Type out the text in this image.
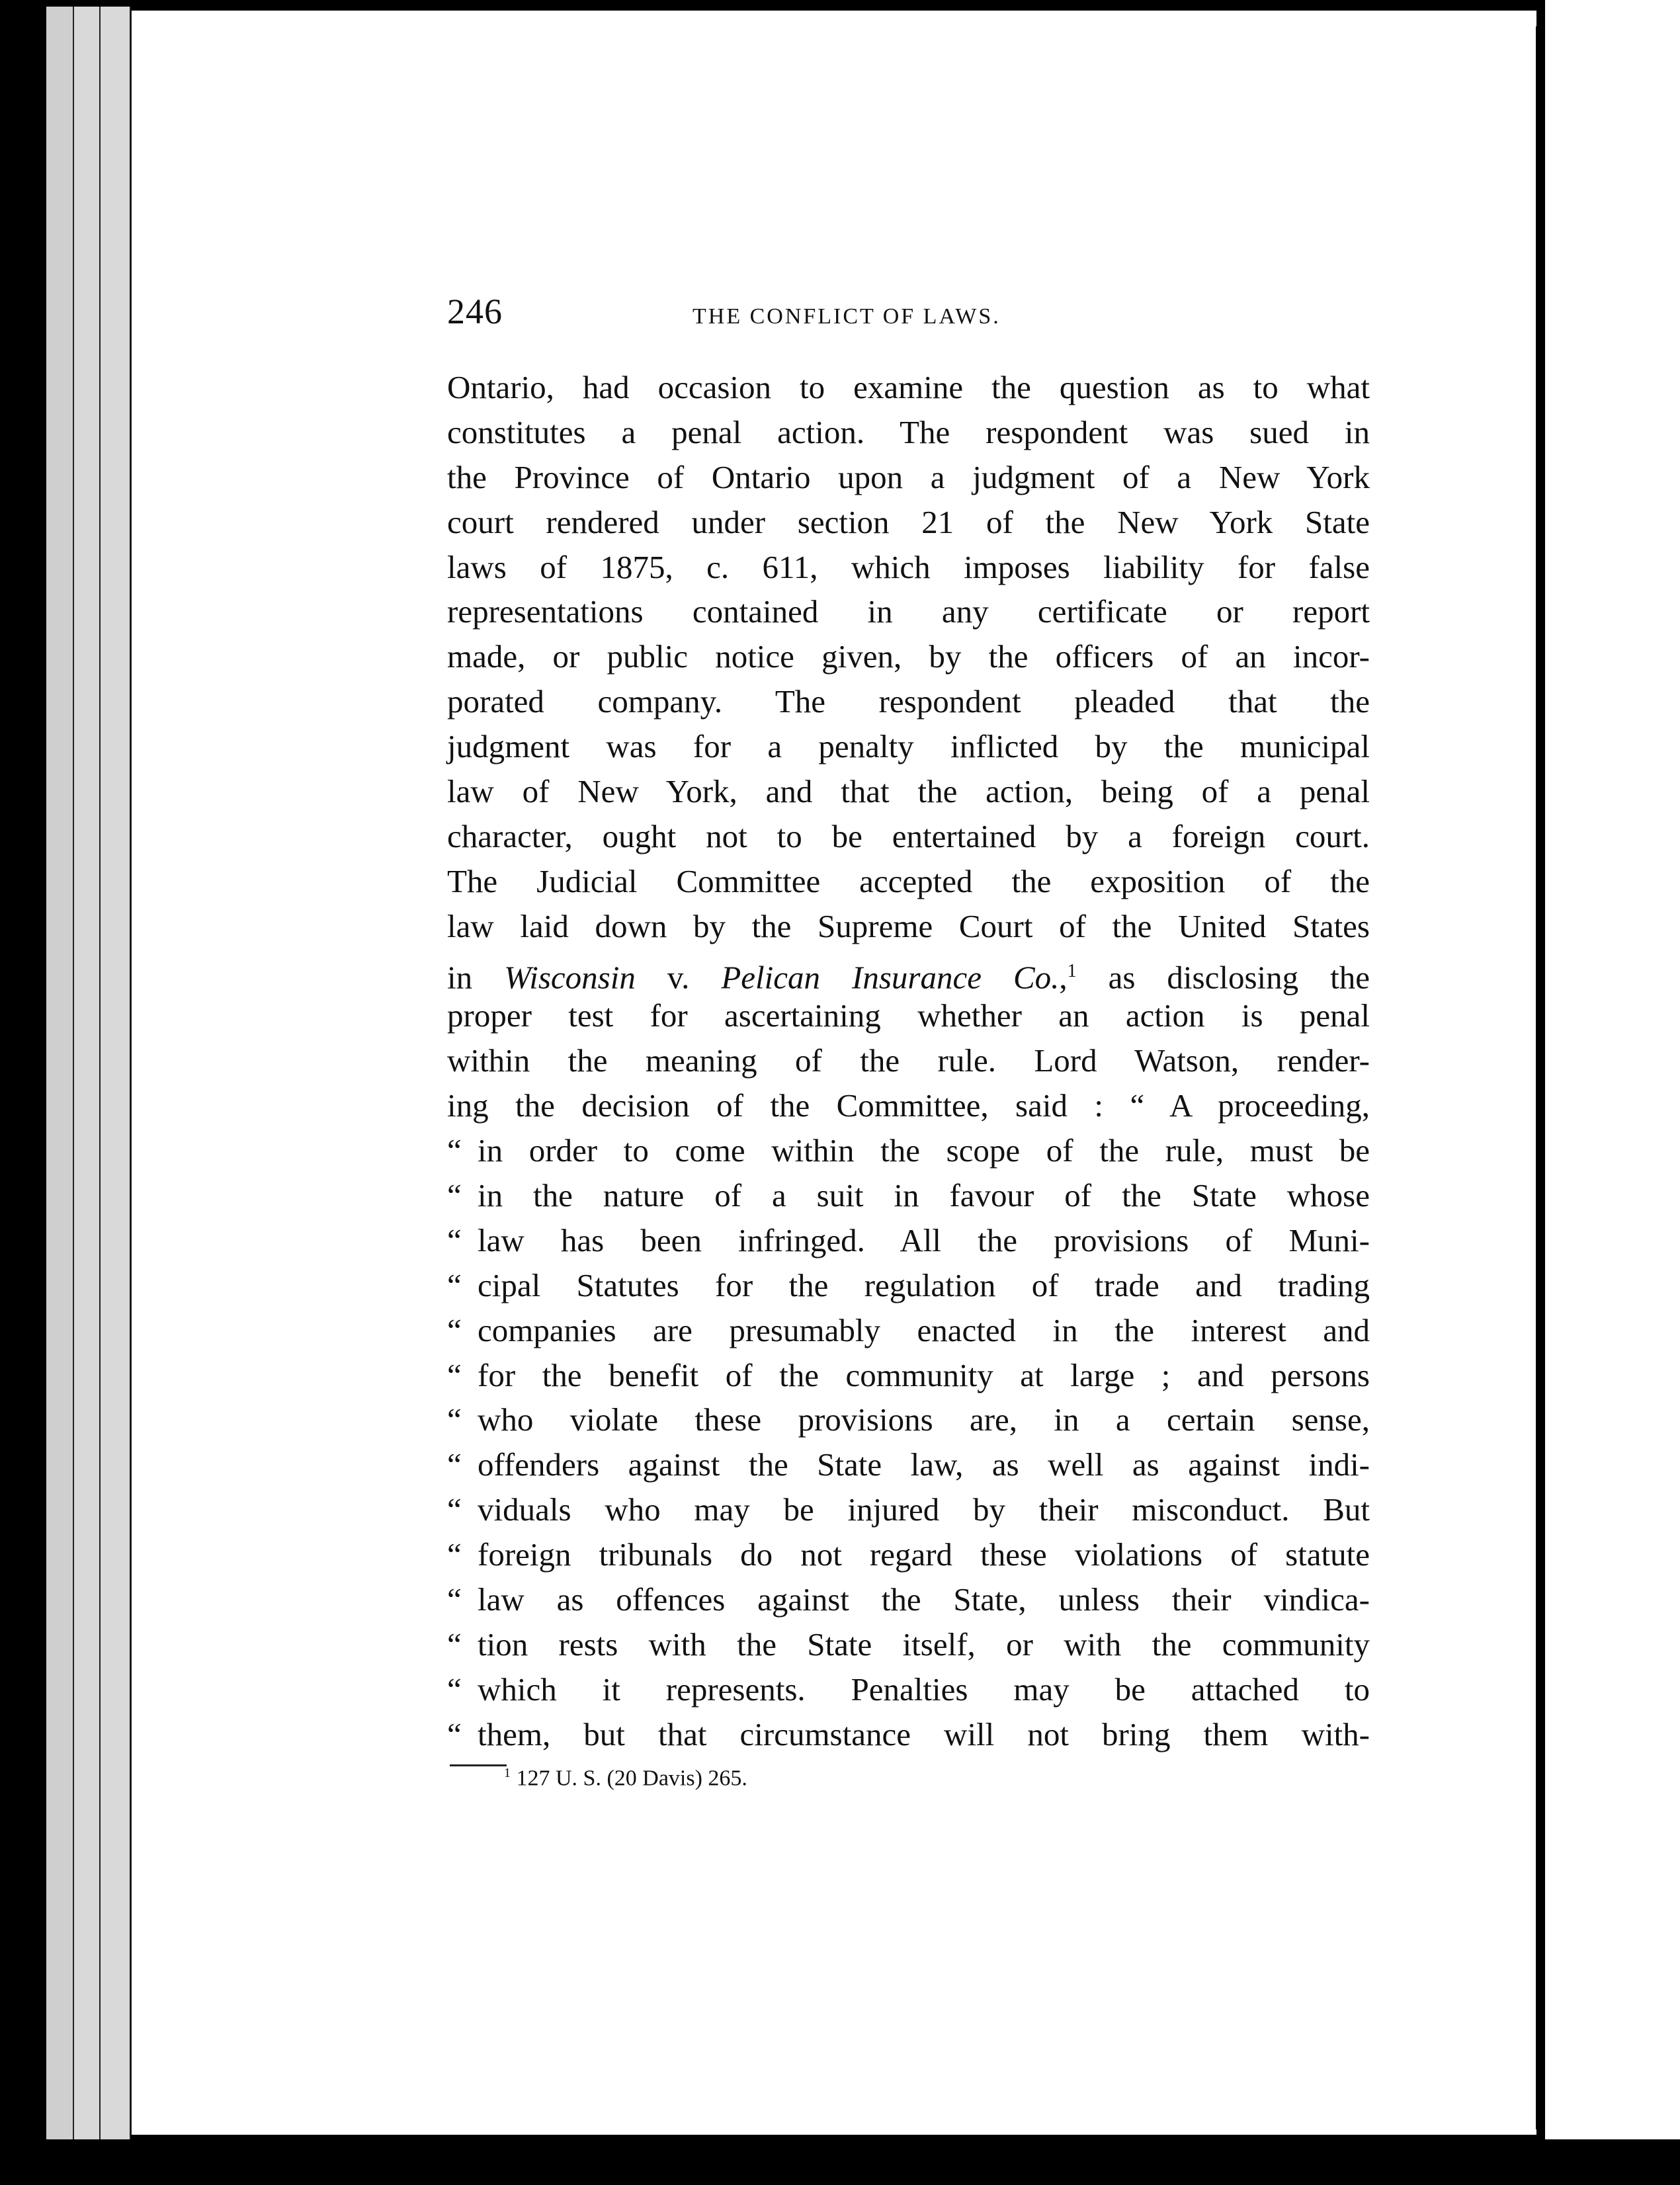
246	THE CONFLICT OF LAWS.
Ontario, had occasion to examine the question as to what
constitutes a penal action. The respondent was sued in
the Province of Ontario upon a judgment of a New York
court rendered under section 21 of the New York State
laws of 1875, c. 611, which imposes liability for false
representations contained in any certificate or report
made, or public notice given, by the officers of an incor-
porated company. The respondent pleaded that the
judgment was for a penalty inflicted by the municipal
law of New York, and that the action, being of a penal
character, ought not to be entertained by a foreign court.
The Judicial Committee accepted the exposition of the
law laid down by the Supreme Court of the United States
in Wisconsin v. Pelican Insurance Co.,$^1$ as disclosing the
proper test for ascertaining whether an action is penal
within the meaning of the rule. Lord Watson, render-
ing the decision of the Committee, said : “ A proceeding,
“ in order to come within the scope of the rule, must be
“ in the nature of a suit in favour of the State whose
“ law has been infringed. All the provisions of Muni-
“ cipal Statutes for the regulation of trade and trading
“ companies are presumably enacted in the interest and
“ for the benefit of the community at large ; and persons
“ who violate these provisions are, in a certain sense,
“ offenders against the State law, as well as against indi-
“ viduals who may be injured by their misconduct. But
“ foreign tribunals do not regard these violations of statute
“ law as offences against the State, unless their vindica-
“ tion rests with the State itself, or with the community
“ which it represents. Penalties may be attached to
“ them, but that circumstance will not bring them with-
$^1$ 127 U. S. (20 Davis) 265.
